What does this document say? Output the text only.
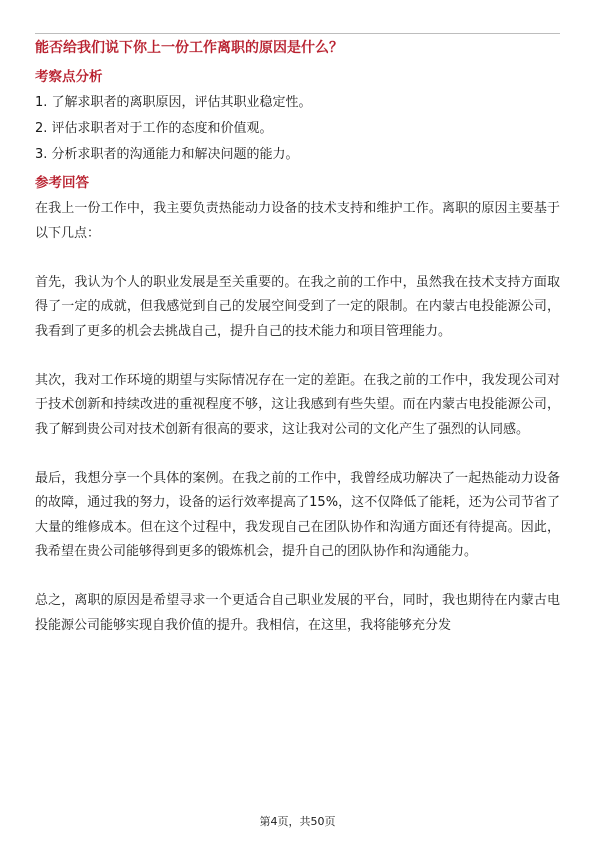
能否给我们说下你上一份工作离职的原因是什么？
考察点分析
1. 了解求职者的离职原因，评估其职业稳定性。
2. 评估求职者对于工作的态度和价值观。
3. 分析求职者的沟通能力和解决问题的能力。
参考回答

在我上一份工作中，我主要负责热能动力设备的技术支持和维护工作。离职的原因主要基于以下几点：

首先，我认为个人的职业发展是至关重要的。在我之前的工作中，虽然我在技术支持方面取得了一定的成就，但我感觉到自己的发展空间受到了一定的限制。在内蒙古电投能源公司，我看到了更多的机会去挑战自己，提升自己的技术能力和项目管理能力。

其次，我对工作环境的期望与实际情况存在一定的差距。在我之前的工作中，我发现公司对于技术创新和持续改进的重视程度不够，这让我感到有些失望。而在内蒙古电投能源公司，我了解到贵公司对技术创新有很高的要求，这让我对公司的文化产生了强烈的认同感。

最后，我想分享一个具体的案例。在我之前的工作中，我曾经成功解决了一起热能动力设备的故障，通过我的努力，设备的运行效率提高了15%，这不仅降低了能耗，还为公司节省了大量的维修成本。但在这个过程中，我发现自己在团队协作和沟通方面还有待提高。因此，我希望在贵公司能够得到更多的锻炼机会，提升自己的团队协作和沟通能力。

总之，离职的原因是希望寻求一个更适合自己职业发展的平台，同时，我也期待在内蒙古电投能源公司能够实现自我价值的提升。我相信，在这里，我将能够充分发

第4页，共50页
